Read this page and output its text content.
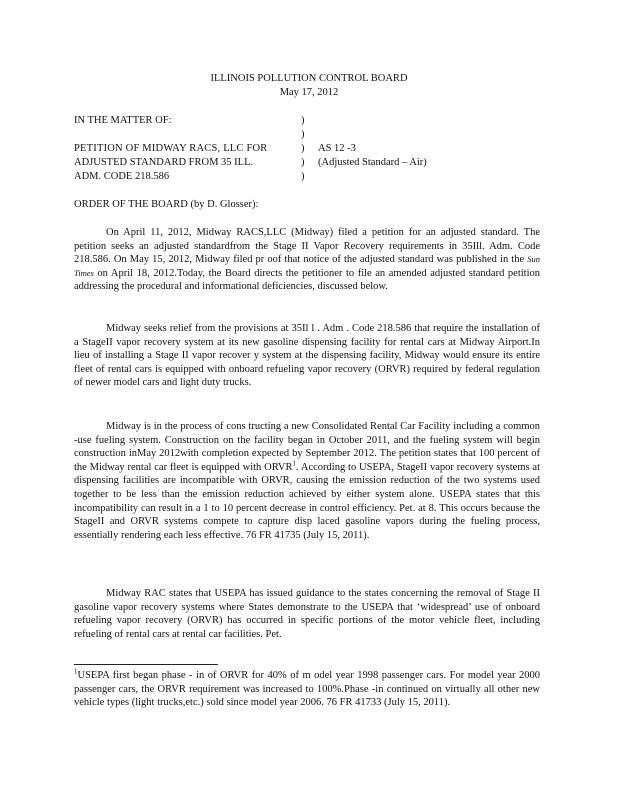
ILLINOIS POLLUTION CONTROL BOARD
May 17, 2012
IN THE MATTER OF:
PETITION OF MIDWAY RACS, LLC FOR
ADJUSTED STANDARD FROM 35 ILL.
ADM. CODE 218.586
)
)
)
)
)
AS 12 -3
(Adjusted Standard – Air)
ORDER OF THE BOARD (by D. Glosser):

On April 11, 2012, Midway RACS,LLC (Midway) filed a petition for an adjusted standard. The petition seeks an adjusted standardfrom the Stage II Vapor Recovery requirements in 35Ill. Adm. Code 218.586. On May 15, 2012, Midway filed pr oof that notice of the adjusted standard was published in the Sun Times on April 18, 2012.Today, the Board directs the petitioner to file an amended adjusted standard petition addressing the procedural and informational deficiencies, discussed below.

Midway seeks relief from the provisions at 35Il l . Adm . Code 218.586 that require the installation of a StageII vapor recovery system at its new gasoline dispensing facility for rental cars at Midway Airport.In lieu of installing a Stage II vapor recover y system at the dispensing facility, Midway would ensure its entire fleet of rental cars is equipped with onboard refueling vapor recovery (ORVR) required by federal regulation of newer model cars and light duty trucks.

Midway is in the process of cons tructing a new Consolidated Rental Car Facility including a common -use fueling system. Construction on the facility began in October 2011, and the fueling system will begin construction inMay 2012with completion expected by September 2012. The petition states that 100 percent of the Midway rental car fleet is equipped with ORVR$^1$. According to USEPA, StageII vapor recovery systems at dispensing facilities are incompatible with ORVR, causing the emission reduction of the two systems used together to be less than the emission reduction achieved by either system alone. USEPA states that this incompatibility can result in a 1 to 10 percent decrease in control efficiency. Pet. at 8. This occurs because the StageII and ORVR systems compete to capture disp laced gasoline vapors during the fueling process, essentially rendering each less effective. 76 FR 41735 (July 15, 2011).

Midway RAC states that USEPA has issued guidance to the states concerning the removal of Stage II gasoline vapor recovery systems where States demonstrate to the USEPA that ‘widespread’ use of onboard refueling vapor recovery (ORVR) has occurred in specific portions of the motor vehicle fleet, including refueling of rental cars at rental car facilities. Pet.

$^1$USEPA first began phase - in of ORVR for 40% of m odel year 1998 passenger cars. For model year 2000 passenger cars, the ORVR requirement was increased to 100%.Phase -in continued on virtually all other new vehicle types (light trucks,etc.) sold since model year 2006. 76 FR 41733 (July 15, 2011).
